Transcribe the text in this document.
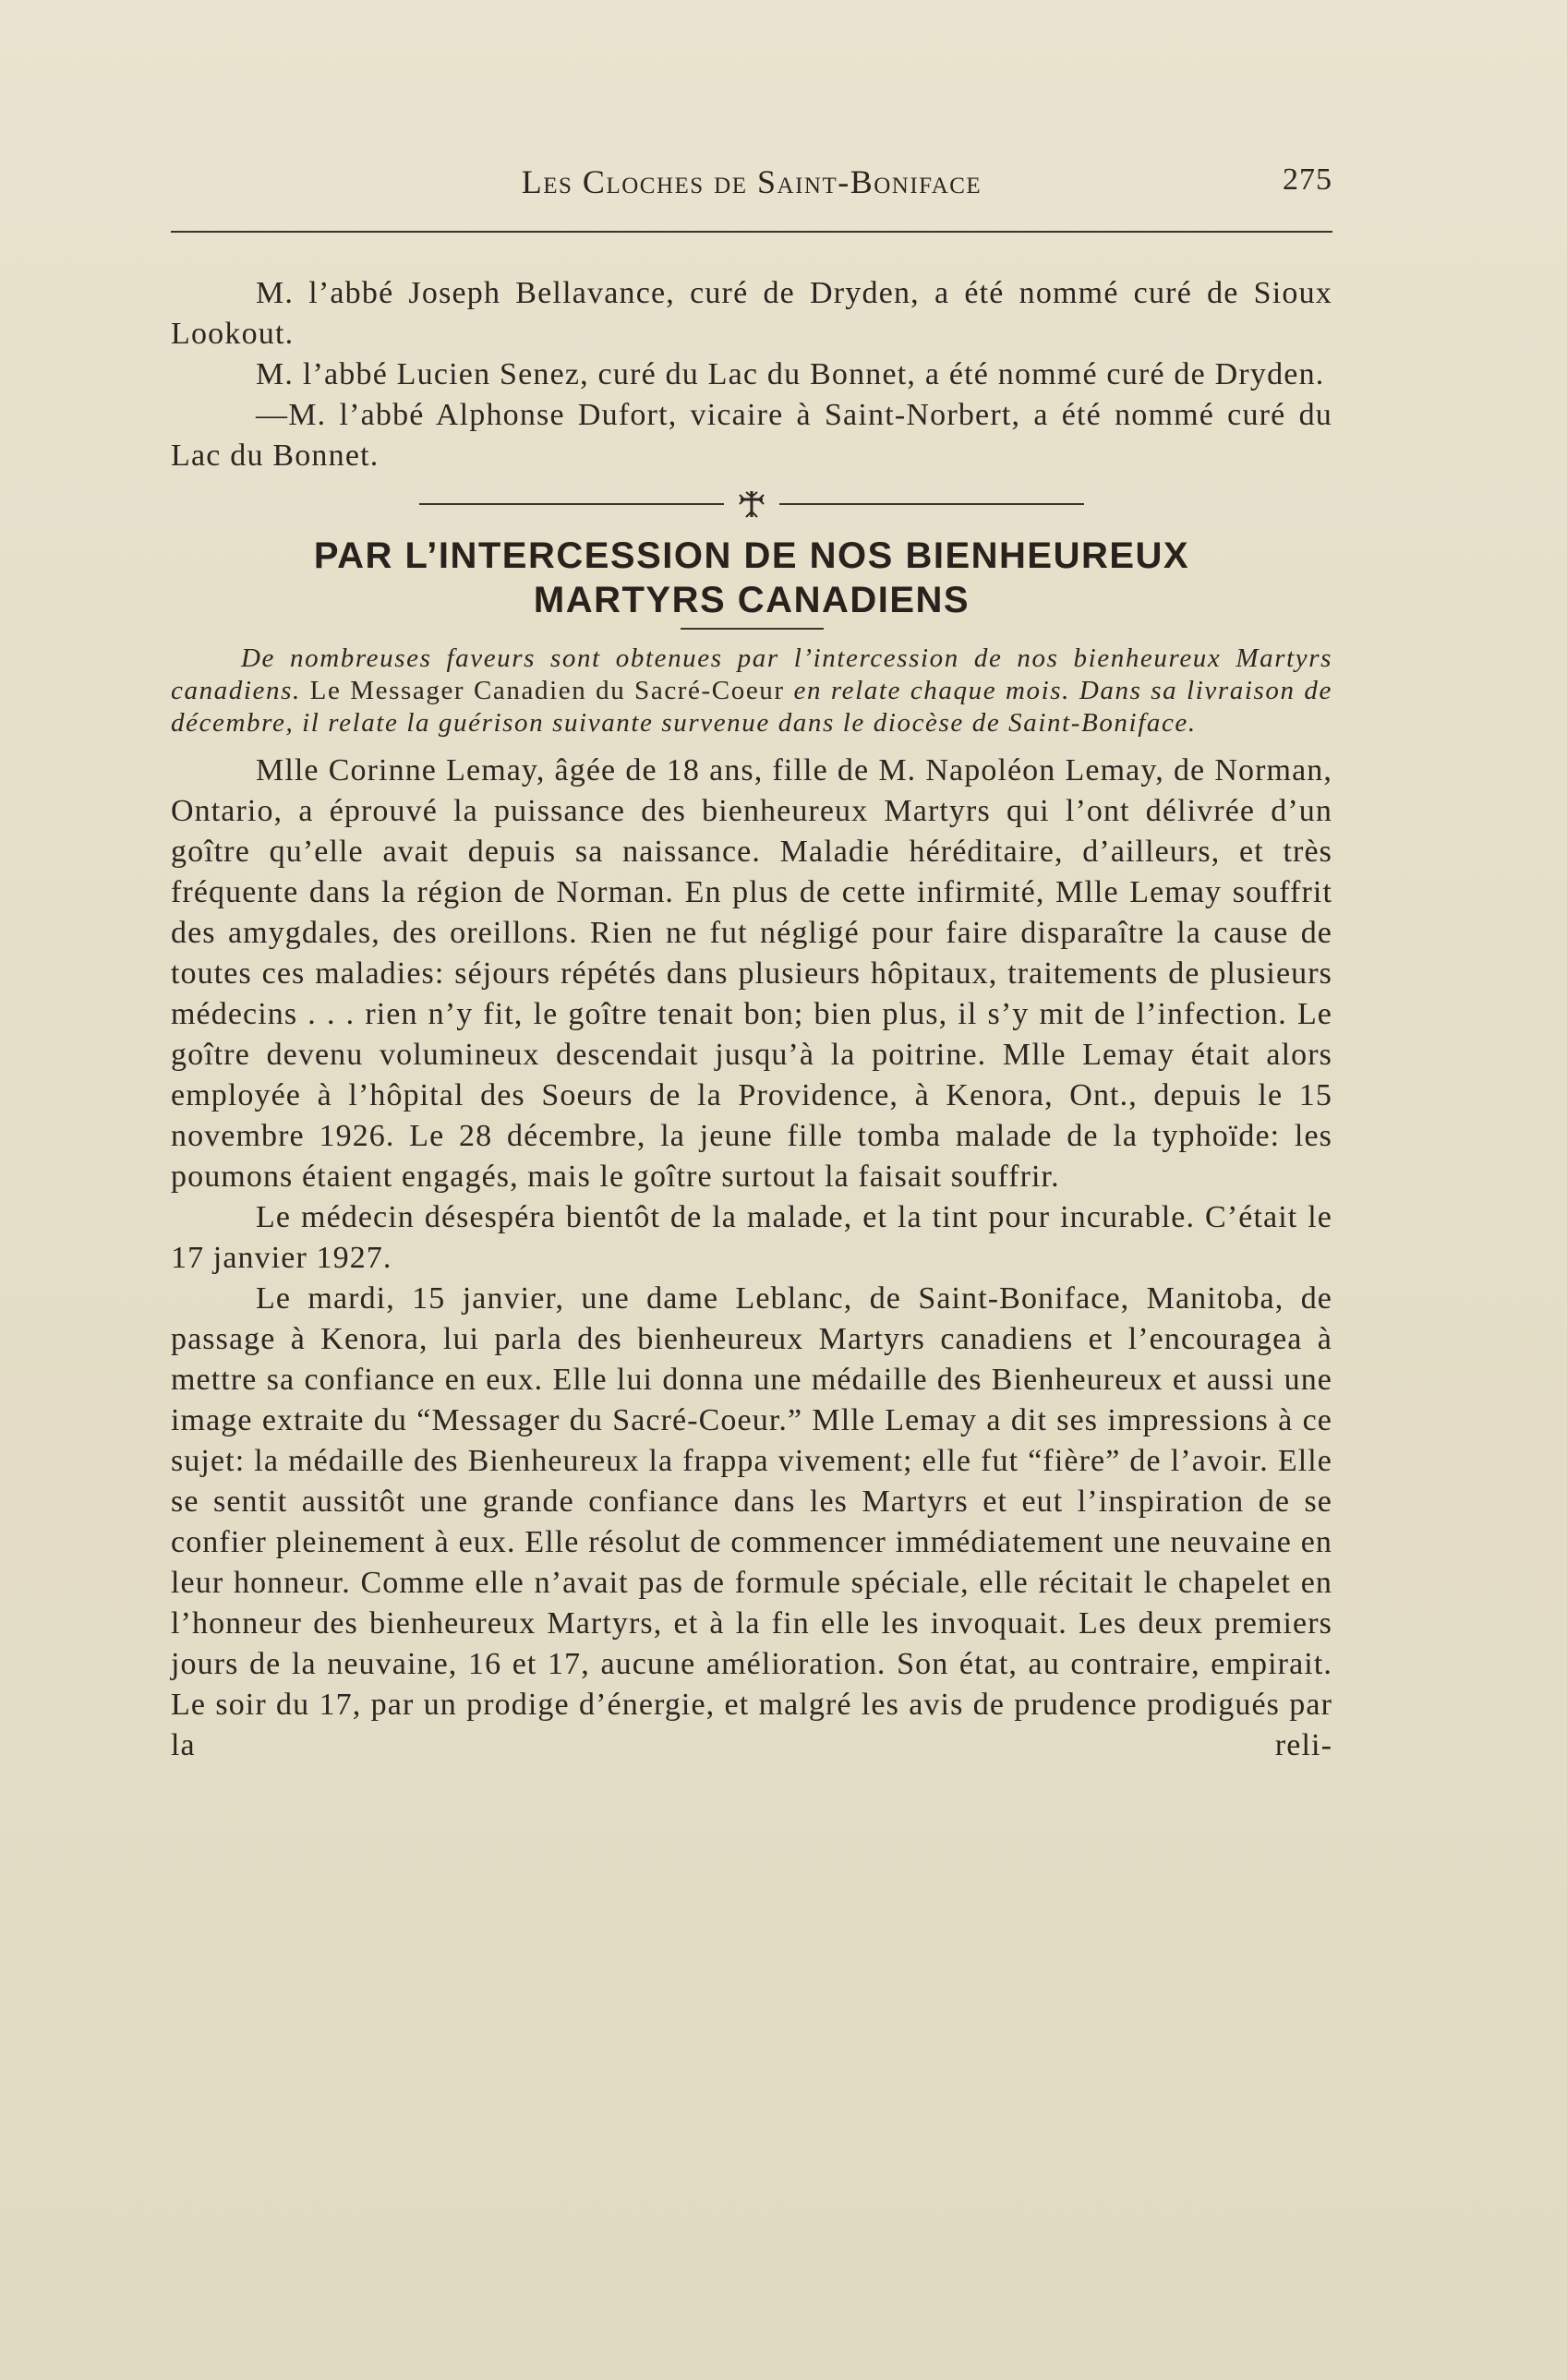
Les Cloches de Saint-Boniface	275

M. l’abbé Joseph Bellavance, curé de Dryden, a été nommé curé de Sioux Lookout.

M. l’abbé Lucien Senez, curé du Lac du Bonnet, a été nommé curé de Dryden.

—M. l’abbé Alphonse Dufort, vicaire à Saint-Norbert, a été nommé curé du Lac du Bonnet.

PAR L’INTERCESSION DE NOS BIENHEUREUX
MARTYRS CANADIENS

De nombreuses faveurs sont obtenues par l’intercession de nos bienheureux Martyrs canadiens. Le Messager Canadien du Sacré-Coeur en relate chaque mois. Dans sa livraison de décembre, il relate la guérison suivante survenue dans le diocèse de Saint-Boniface.

Mlle Corinne Lemay, âgée de 18 ans, fille de M. Napoléon Lemay, de Norman, Ontario, a éprouvé la puissance des bienheureux Martyrs qui l’ont délivrée d’un goître qu’elle avait depuis sa naissance. Maladie héréditaire, d’ailleurs, et très fréquente dans la région de Norman. En plus de cette infirmité, Mlle Lemay souffrit des amygdales, des oreillons. Rien ne fut négligé pour faire disparaître la cause de toutes ces maladies: séjours répétés dans plusieurs hôpitaux, traitements de plusieurs médecins . . . rien n’y fit, le goître tenait bon; bien plus, il s’y mit de l’infection. Le goître devenu volumineux descendait jusqu’à la poitrine. Mlle Lemay était alors employée à l’hôpital des Soeurs de la Providence, à Kenora, Ont., depuis le 15 novembre 1926. Le 28 décembre, la jeune fille tomba malade de la typhoïde: les poumons étaient engagés, mais le goître surtout la faisait souffrir.

Le médecin désespéra bientôt de la malade, et la tint pour incurable. C’était le 17 janvier 1927.

Le mardi, 15 janvier, une dame Leblanc, de Saint-Boniface, Manitoba, de passage à Kenora, lui parla des bienheureux Martyrs canadiens et l’encouragea à mettre sa confiance en eux. Elle lui donna une médaille des Bienheureux et aussi une image extraite du “Messager du Sacré-Coeur.” Mlle Lemay a dit ses impressions à ce sujet: la médaille des Bienheureux la frappa vivement; elle fut “fière” de l’avoir. Elle se sentit aussitôt une grande confiance dans les Martyrs et eut l’inspiration de se confier pleinement à eux. Elle résolut de commencer immédiatement une neuvaine en leur honneur. Comme elle n’avait pas de formule spéciale, elle récitait le chapelet en l’honneur des bienheureux Martyrs, et à la fin elle les invoquait. Les deux premiers jours de la neuvaine, 16 et 17, aucune amélioration. Son état, au contraire, empirait. Le soir du 17, par un prodige d’énergie, et malgré les avis de prudence prodigués par la reli-
